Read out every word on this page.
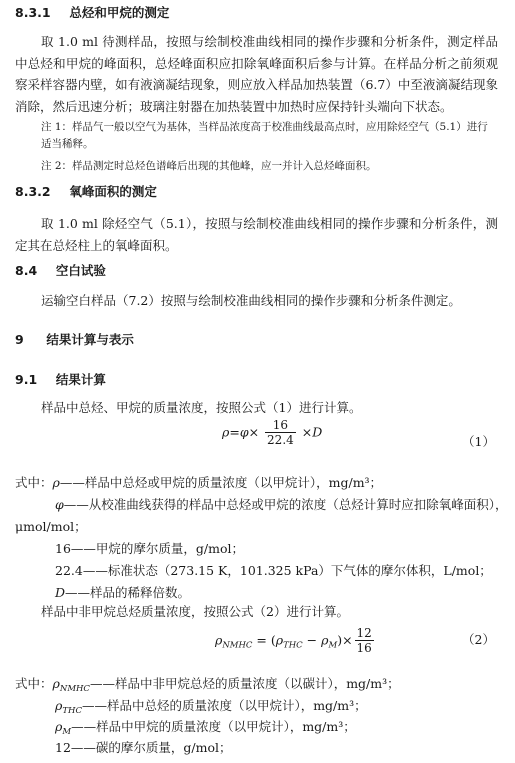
8.3.1 总烃和甲烷的测定
取 1.0 ml 待测样品，按照与绘制校准曲线相同的操作步骤和分析条件，测定样品中总烃和甲烷的峰面积，总烃峰面积应扣除氧峰面积后参与计算。在样品分析之前须观察采样容器内壁，如有液滴凝结现象，则应放入样品加热装置（6.7）中至液滴凝结现象消除，然后迅速分析；玻璃注射器在加热装置中加热时应保持针头端向下状态。
注 1：样品气一般以空气为基体，当样品浓度高于校准曲线最高点时，应用除烃空气（5.1）进行适当稀释。
注 2：样品测定时总烃色谱峰后出现的其他峰，应一并计入总烃峰面积。
8.3.2 氧峰面积的测定
取 1.0 ml 除烃空气（5.1），按照与绘制校准曲线相同的操作步骤和分析条件，测定其在总烃柱上的氧峰面积。
8.4 空白试验
运输空白样品（7.2）按照与绘制校准曲线相同的操作步骤和分析条件测定。
9 结果计算与表示
9.1 结果计算
样品中总烃、甲烷的质量浓度，按照公式（1）进行计算。
$\rho=\varphi\times \frac{16}{22.4} \times D$
（1）
式中：ρ——样品中总烃或甲烷的质量浓度（以甲烷计），mg/m³；
φ——从校准曲线获得的样品中总烃或甲烷的浓度（总烃计算时应扣除氧峰面积），
μmol/mol；
16——甲烷的摩尔质量，g/mol；
22.4——标准状态（273.15 K，101.325 kPa）下气体的摩尔体积，L/mol；
D——样品的稀释倍数。
样品中非甲烷总烃质量浓度，按照公式（2）进行计算。
$\rho_{NMHC} = (\rho_{THC} - \rho_M)\times \frac{12}{16}$	（2）
式中：$\rho_{NMHC}——$样品中非甲烷总烃的质量浓度（以碳计），mg/m³；
$\rho_{THC}——$样品中总烃的质量浓度（以甲烷计），mg/m³；
$\rho_M——$样品中甲烷的质量浓度（以甲烷计），mg/m³；
12——碳的摩尔质量，g/mol；
